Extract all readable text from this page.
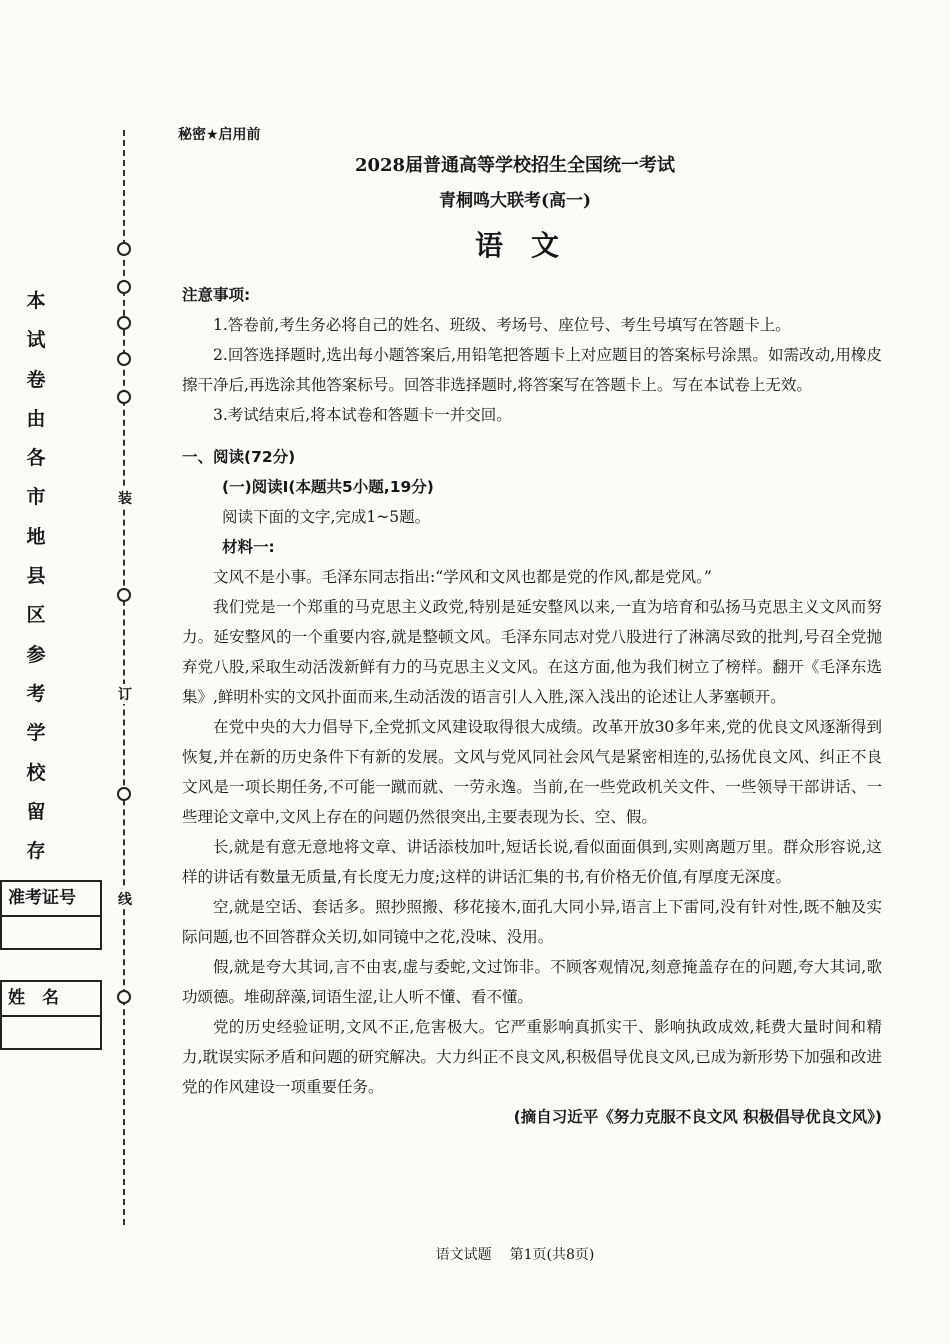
本
试
卷
由
各
市
地
县
区
参
考
学
校
留
存
准考证号
姓　名
装
订
线
秘密★启用前
2028届普通高等学校招生全国统一考试
青桐鸣大联考(高一)
语文

注意事项:

1.答卷前,考生务必将自己的姓名、班级、考场号、座位号、考生号填写在答题卡上。

2.回答选择题时,选出每小题答案后,用铅笔把答题卡上对应题目的答案标号涂黑。如需改动,用橡皮擦干净后,再选涂其他答案标号。回答非选择题时,将答案写在答题卡上。写在本试卷上无效。

3.考试结束后,将本试卷和答题卡一并交回。

一、阅读(72分)

(一)阅读Ⅰ(本题共5小题,19分)

阅读下面的文字,完成1~5题。

材料一:

文风不是小事。毛泽东同志指出:“学风和文风也都是党的作风,都是党风。”

我们党是一个郑重的马克思主义政党,特别是延安整风以来,一直为培育和弘扬马克思主义文风而努力。延安整风的一个重要内容,就是整顿文风。毛泽东同志对党八股进行了淋漓尽致的批判,号召全党抛弃党八股,采取生动活泼新鲜有力的马克思主义文风。在这方面,他为我们树立了榜样。翻开《毛泽东选集》,鲜明朴实的文风扑面而来,生动活泼的语言引人入胜,深入浅出的论述让人茅塞顿开。

在党中央的大力倡导下,全党抓文风建设取得很大成绩。改革开放30多年来,党的优良文风逐渐得到恢复,并在新的历史条件下有新的发展。文风与党风同社会风气是紧密相连的,弘扬优良文风、纠正不良文风是一项长期任务,不可能一蹴而就、一劳永逸。当前,在一些党政机关文件、一些领导干部讲话、一些理论文章中,文风上存在的问题仍然很突出,主要表现为长、空、假。

长,就是有意无意地将文章、讲话添枝加叶,短话长说,看似面面俱到,实则离题万里。群众形容说,这样的讲话有数量无质量,有长度无力度;这样的讲话汇集的书,有价格无价值,有厚度无深度。

空,就是空话、套话多。照抄照搬、移花接木,面孔大同小异,语言上下雷同,没有针对性,既不触及实际问题,也不回答群众关切,如同镜中之花,没味、没用。

假,就是夸大其词,言不由衷,虚与委蛇,文过饰非。不顾客观情况,刻意掩盖存在的问题,夸大其词,歌功颂德。堆砌辞藻,词语生涩,让人听不懂、看不懂。

党的历史经验证明,文风不正,危害极大。它严重影响真抓实干、影响执政成效,耗费大量时间和精力,耽误实际矛盾和问题的研究解决。大力纠正不良文风,积极倡导优良文风,已成为新形势下加强和改进党的作风建设一项重要任务。

(摘自习近平《努力克服不良文风 积极倡导优良文风》)

语文试题 第1页(共8页)
